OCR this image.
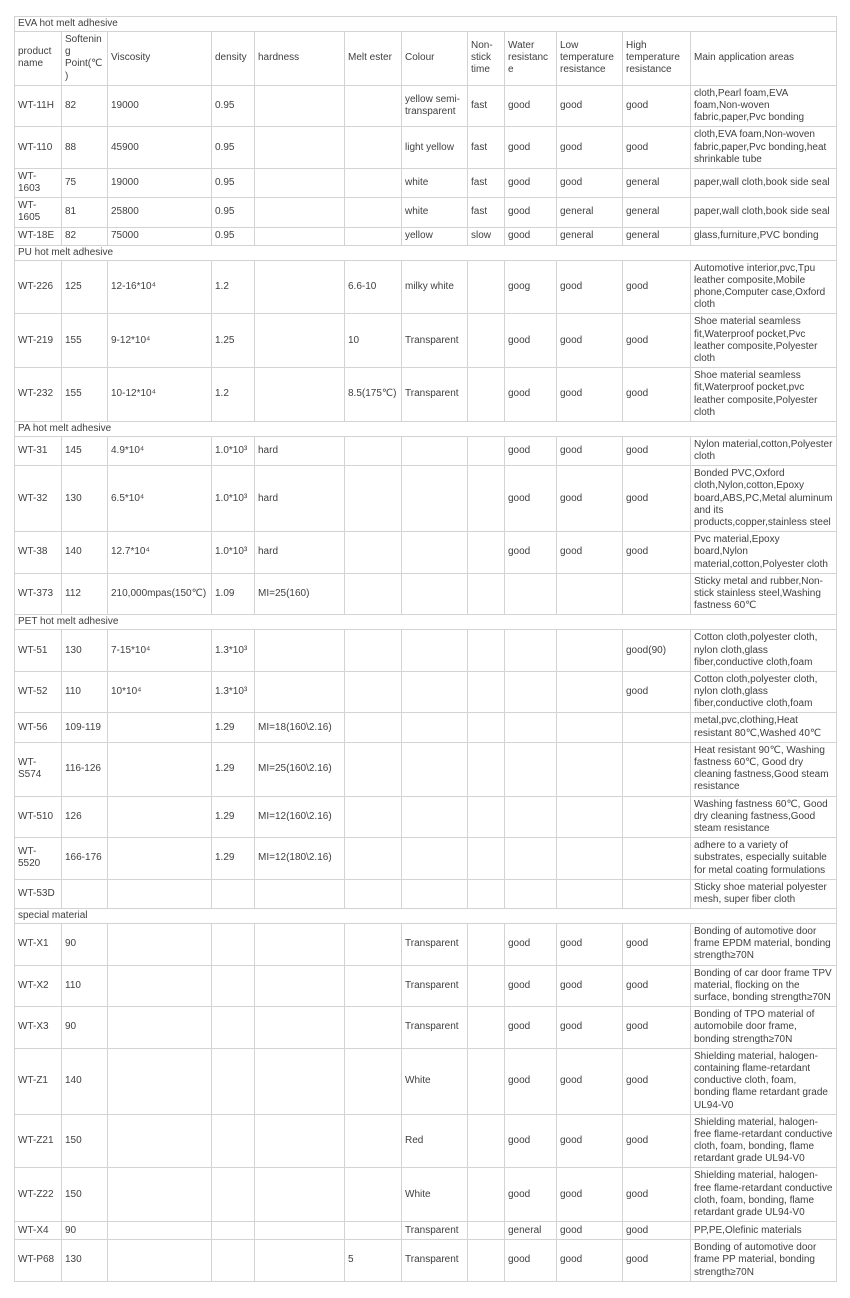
EVA hot melt adhesive											
product name	Softening Point(℃)	Viscosity	density	hardness	Melt ester	Colour	Non-stick time	Water resistance	Low temperature resistance	High temperature resistance	Main application areas
WT-11H	82	19000	0.95			yellow semi-transparent	fast	good	good	good	cloth,Pearl foam,EVA foam,Non-woven fabric,paper,Pvc bonding
WT-110	88	45900	0.95			light yellow	fast	good	good	good	cloth,EVA foam,Non-woven fabric,paper,Pvc bonding,heat shrinkable tube
WT-1603	75	19000	0.95			white	fast	good	good	general	paper,wall cloth,book side seal
WT-1605	81	25800	0.95			white	fast	good	general	general	paper,wall cloth,book side seal
WT-18E	82	75000	0.95			yellow	slow	good	general	general	glass,furniture,PVC bonding
PU hot melt adhesive											
WT-226	125	12-16*10⁴	1.2		6.6-10	milky white		goog	good	good	Automotive interior,pvc,Tpu leather composite,Mobile phone,Computer case,Oxford cloth
WT-219	155	9-12*10⁴	1.25		10	Transparent		good	good	good	Shoe material seamless fit,Waterproof pocket,Pvc leather composite,Polyester cloth
WT-232	155	10-12*10⁴	1.2		8.5(175℃)	Transparent		good	good	good	Shoe material seamless fit,Waterproof pocket,pvc leather composite,Polyester cloth
PA hot melt adhesive											
WT-31	145	4.9*10⁴	1.0*10³	hard				good	good	good	Nylon material,cotton,Polyester cloth
WT-32	130	6.5*10⁴	1.0*10³	hard				good	good	good	Bonded PVC,Oxford cloth,Nylon,cotton,Epoxy board,ABS,PC,Metal aluminum and its products,copper,stainless steel
WT-38	140	12.7*10⁴	1.0*10³	hard				good	good	good	Pvc material,Epoxy board,Nylon material,cotton,Polyester cloth
WT-373	112	210,000mpas(150℃)	1.09	MI=25(160)							Sticky metal and rubber,Non-stick stainless steel,Washing fastness 60℃
PET hot melt adhesive											
WT-51	130	7-15*10⁴	1.3*10³							good(90)	Cotton cloth,polyester cloth, nylon cloth,glass fiber,conductive cloth,foam
WT-52	110	10*10⁴	1.3*10³							good	Cotton cloth,polyester cloth, nylon cloth,glass fiber,conductive cloth,foam
WT-56	109-119		1.29	MI=18(160\2.16)							metal,pvc,clothing,Heat resistant 80℃,Washed 40℃
WT-S574	116-126		1.29	MI=25(160\2.16)							Heat resistant 90℃, Washing fastness 60℃, Good dry cleaning fastness,Good steam resistance
WT-510	126		1.29	MI=12(160\2.16)							Washing fastness 60℃, Good dry cleaning fastness,Good steam resistance
WT-5520	166-176		1.29	MI=12(180\2.16)							adhere to a variety of substrates, especially suitable for metal coating formulations
WT-53D											Sticky shoe material polyester mesh, super fiber cloth
special material											
WT-X1	90					Transparent		good	good	good	Bonding of automotive door frame EPDM material, bonding strength≥70N
WT-X2	110					Transparent		good	good	good	Bonding of car door frame TPV material, flocking on the surface, bonding strength≥70N
WT-X3	90					Transparent		good	good	good	Bonding of TPO material of automobile door frame, bonding strength≥70N
WT-Z1	140					White		good	good	good	Shielding material, halogen-containing flame-retardant conductive cloth, foam, bonding flame retardant grade UL94-V0
WT-Z21	150					Red		good	good	good	Shielding material, halogen-free flame-retardant conductive cloth, foam, bonding, flame retardant grade UL94-V0
WT-Z22	150					White		good	good	good	Shielding material, halogen-free flame-retardant conductive cloth, foam, bonding, flame retardant grade UL94-V0
WT-X4	90					Transparent		general	good	good	PP,PE,Olefinic materials
WT-P68	130				5	Transparent		good	good	good	Bonding of automotive door frame PP material, bonding strength≥70N
